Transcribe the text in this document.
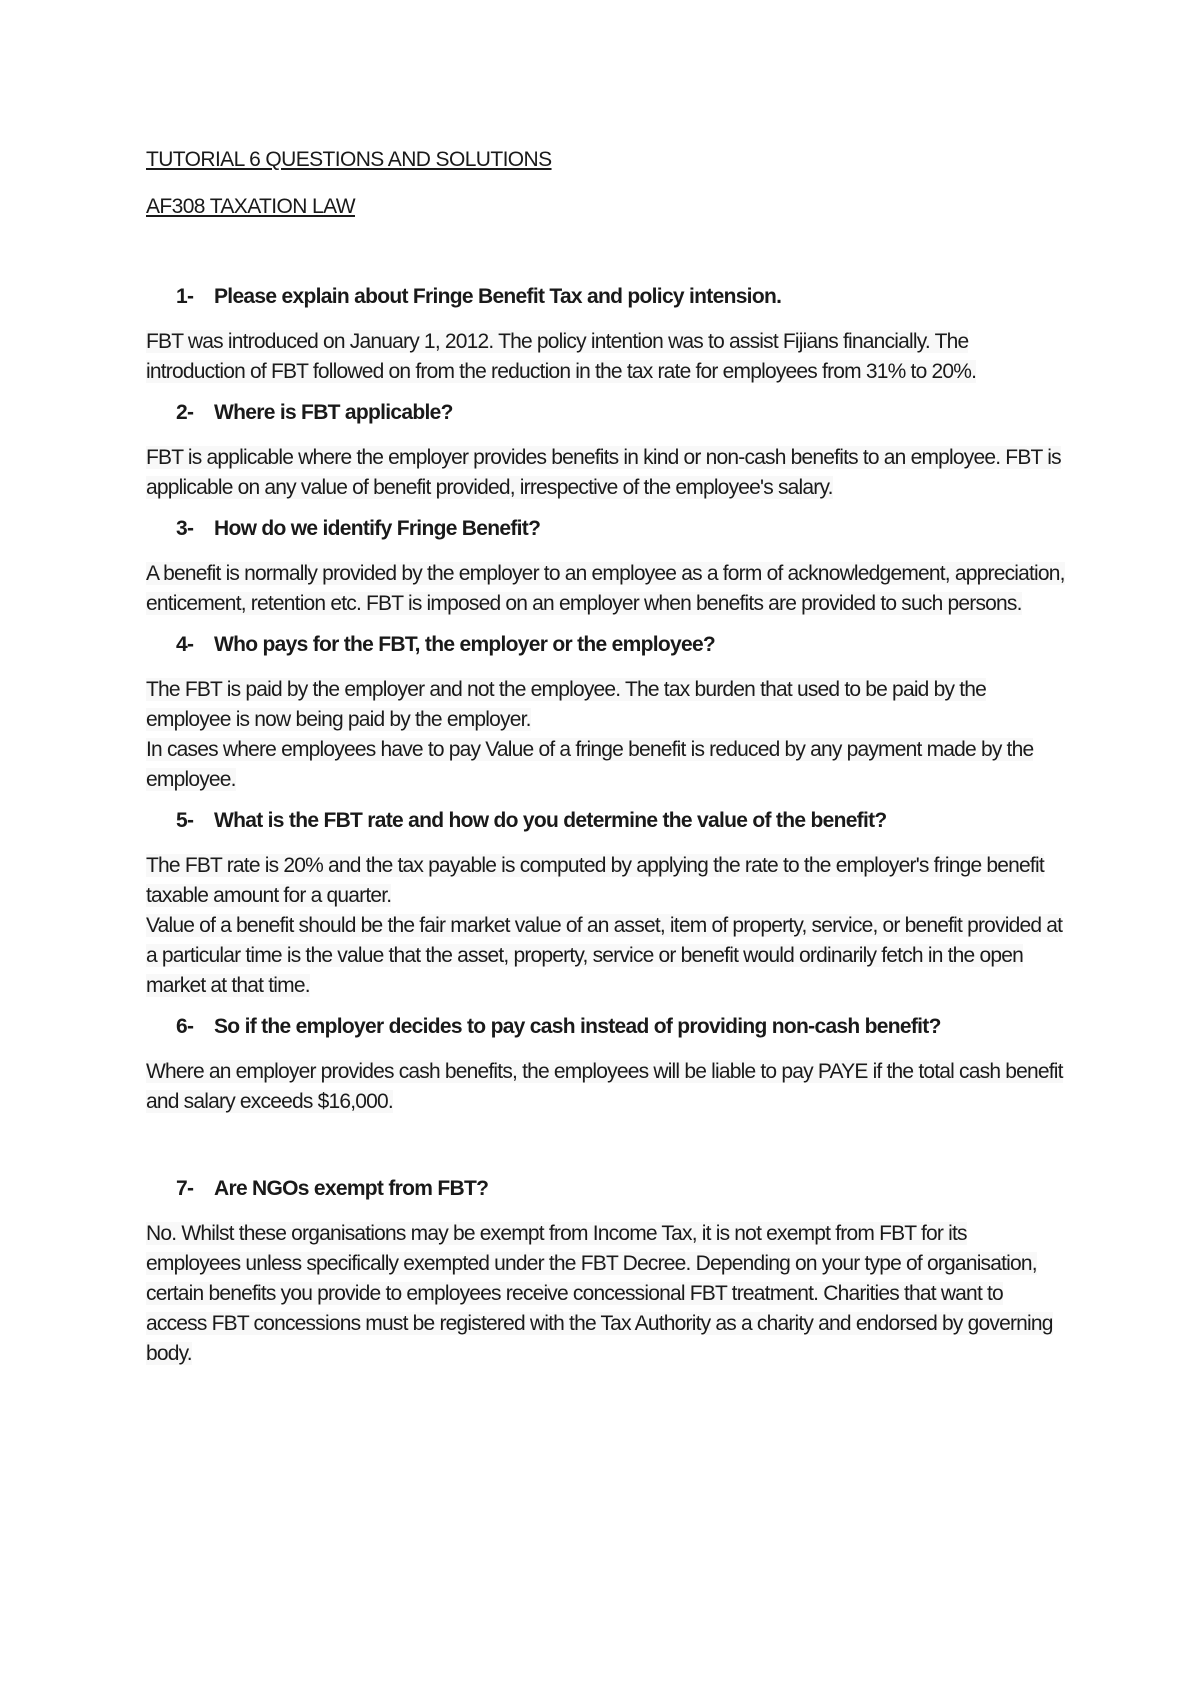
TUTORIAL 6 QUESTIONS AND SOLUTIONS
AF308 TAXATION LAW
1- Please explain about Fringe Benefit Tax and policy intension.

FBT was introduced on January 1, 2012. The policy intention was to assist Fijians financially. The introduction of FBT followed on from the reduction in the tax rate for employees from 31% to 20%.

2- Where is FBT applicable?

FBT is applicable where the employer provides benefits in kind or non-cash benefits to an employee. FBT is applicable on any value of benefit provided, irrespective of the employee's salary.

3- How do we identify Fringe Benefit?

A benefit is normally provided by the employer to an employee as a form of acknowledgement, appreciation, enticement, retention etc. FBT is imposed on an employer when benefits are provided to such persons.

4- Who pays for the FBT, the employer or the employee?

The FBT is paid by the employer and not the employee. The tax burden that used to be paid by the employee is now being paid by the employer.
In cases where employees have to pay Value of a fringe benefit is reduced by any payment made by the employee.

5- What is the FBT rate and how do you determine the value of the benefit?

The FBT rate is 20% and the tax payable is computed by applying the rate to the employer's fringe benefit taxable amount for a quarter.
Value of a benefit should be the fair market value of an asset, item of property, service, or benefit provided at a particular time is the value that the asset, property, service or benefit would ordinarily fetch in the open market at that time.

6- So if the employer decides to pay cash instead of providing non-cash benefit?

Where an employer provides cash benefits, the employees will be liable to pay PAYE if the total cash benefit and salary exceeds $16,000.

7- Are NGOs exempt from FBT?

No. Whilst these organisations may be exempt from Income Tax, it is not exempt from FBT for its employees unless specifically exempted under the FBT Decree. Depending on your type of organisation, certain benefits you provide to employees receive concessional FBT treatment. Charities that want to access FBT concessions must be registered with the Tax Authority as a charity and endorsed by governing body.
